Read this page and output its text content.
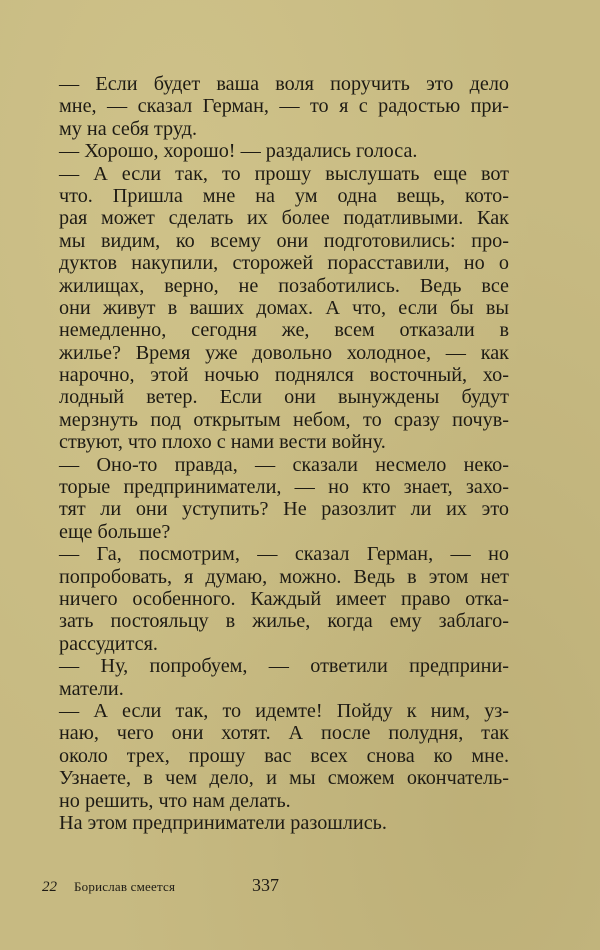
— Если будет ваша воля поручить это дело
мне, — сказал Герман, — то я с радостью при-
му на себя труд.
— Хорошо, хорошо! — раздались голоса.
— А если так, то прошу выслушать еще вот
что. Пришла мне на ум одна вещь, кото-
рая может сделать их более податливыми. Как
мы видим, ко всему они подготовились: про-
дуктов накупили, сторожей порасставили, но о
жилищах, верно, не позаботились. Ведь все
они живут в ваших домах. А что, если бы вы
немедленно, сегодня же, всем отказали в
жилье? Время уже довольно холодное, — как
нарочно, этой ночью поднялся восточный, хо-
лодный ветер. Если они вынуждены будут
мерзнуть под открытым небом, то сразу почув-
ствуют, что плохо с нами вести войну.
— Оно-то правда, — сказали несмело неко-
торые предприниматели, — но кто знает, захо-
тят ли они уступить? Не разозлит ли их это
еще больше?
— Га, посмотрим, — сказал Герман, — но
попробовать, я думаю, можно. Ведь в этом нет
ничего особенного. Каждый имеет право отка-
зать постояльцу в жилье, когда ему заблаго-
рассудится.
— Ну, попробуем, — ответили предприни-
матели.
— А если так, то идемте! Пойду к ним, уз-
наю, чего они хотят. А после полудня, так
около трех, прошу вас всех снова ко мне.
Узнаете, в чем дело, и мы сможем окончатель-
но решить, что нам делать.
На этом предприниматели разошлись.
22 Борислав смеется	337
